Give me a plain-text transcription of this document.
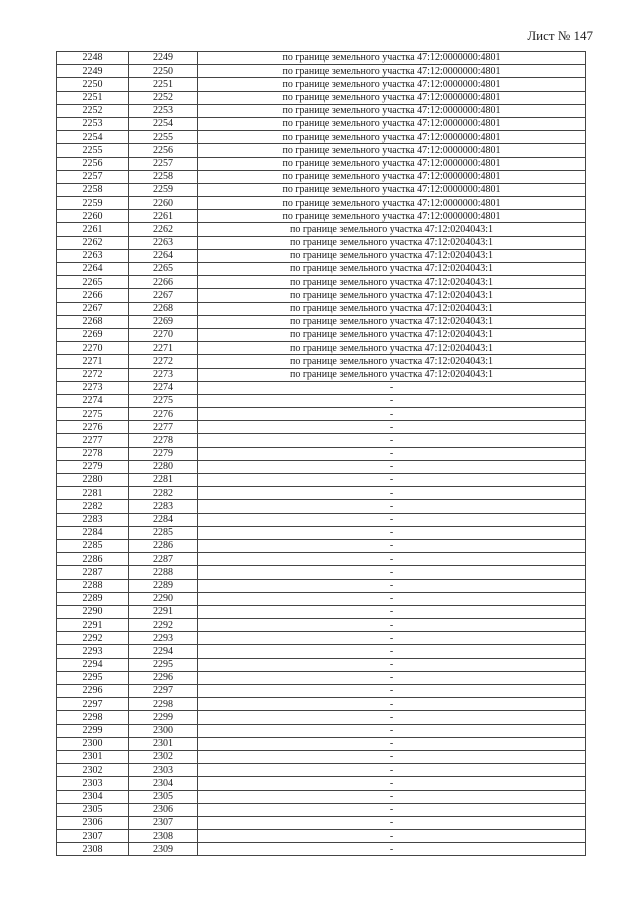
Лист № 147
2248	2249	по границе земельного участка 47:12:0000000:4801
2249	2250	по границе земельного участка 47:12:0000000:4801
2250	2251	по границе земельного участка 47:12:0000000:4801
2251	2252	по границе земельного участка 47:12:0000000:4801
2252	2253	по границе земельного участка 47:12:0000000:4801
2253	2254	по границе земельного участка 47:12:0000000:4801
2254	2255	по границе земельного участка 47:12:0000000:4801
2255	2256	по границе земельного участка 47:12:0000000:4801
2256	2257	по границе земельного участка 47:12:0000000:4801
2257	2258	по границе земельного участка 47:12:0000000:4801
2258	2259	по границе земельного участка 47:12:0000000:4801
2259	2260	по границе земельного участка 47:12:0000000:4801
2260	2261	по границе земельного участка 47:12:0000000:4801
2261	2262	по границе земельного участка 47:12:0204043:1
2262	2263	по границе земельного участка 47:12:0204043:1
2263	2264	по границе земельного участка 47:12:0204043:1
2264	2265	по границе земельного участка 47:12:0204043:1
2265	2266	по границе земельного участка 47:12:0204043:1
2266	2267	по границе земельного участка 47:12:0204043:1
2267	2268	по границе земельного участка 47:12:0204043:1
2268	2269	по границе земельного участка 47:12:0204043:1
2269	2270	по границе земельного участка 47:12:0204043:1
2270	2271	по границе земельного участка 47:12:0204043:1
2271	2272	по границе земельного участка 47:12:0204043:1
2272	2273	по границе земельного участка 47:12:0204043:1
2273	2274	-
2274	2275	-
2275	2276	-
2276	2277	-
2277	2278	-
2278	2279	-
2279	2280	-
2280	2281	-
2281	2282	-
2282	2283	-
2283	2284	-
2284	2285	-
2285	2286	-
2286	2287	-
2287	2288	-
2288	2289	-
2289	2290	-
2290	2291	-
2291	2292	-
2292	2293	-
2293	2294	-
2294	2295	-
2295	2296	-
2296	2297	-
2297	2298	-
2298	2299	-
2299	2300	-
2300	2301	-
2301	2302	-
2302	2303	-
2303	2304	-
2304	2305	-
2305	2306	-
2306	2307	-
2307	2308	-
2308	2309	-
